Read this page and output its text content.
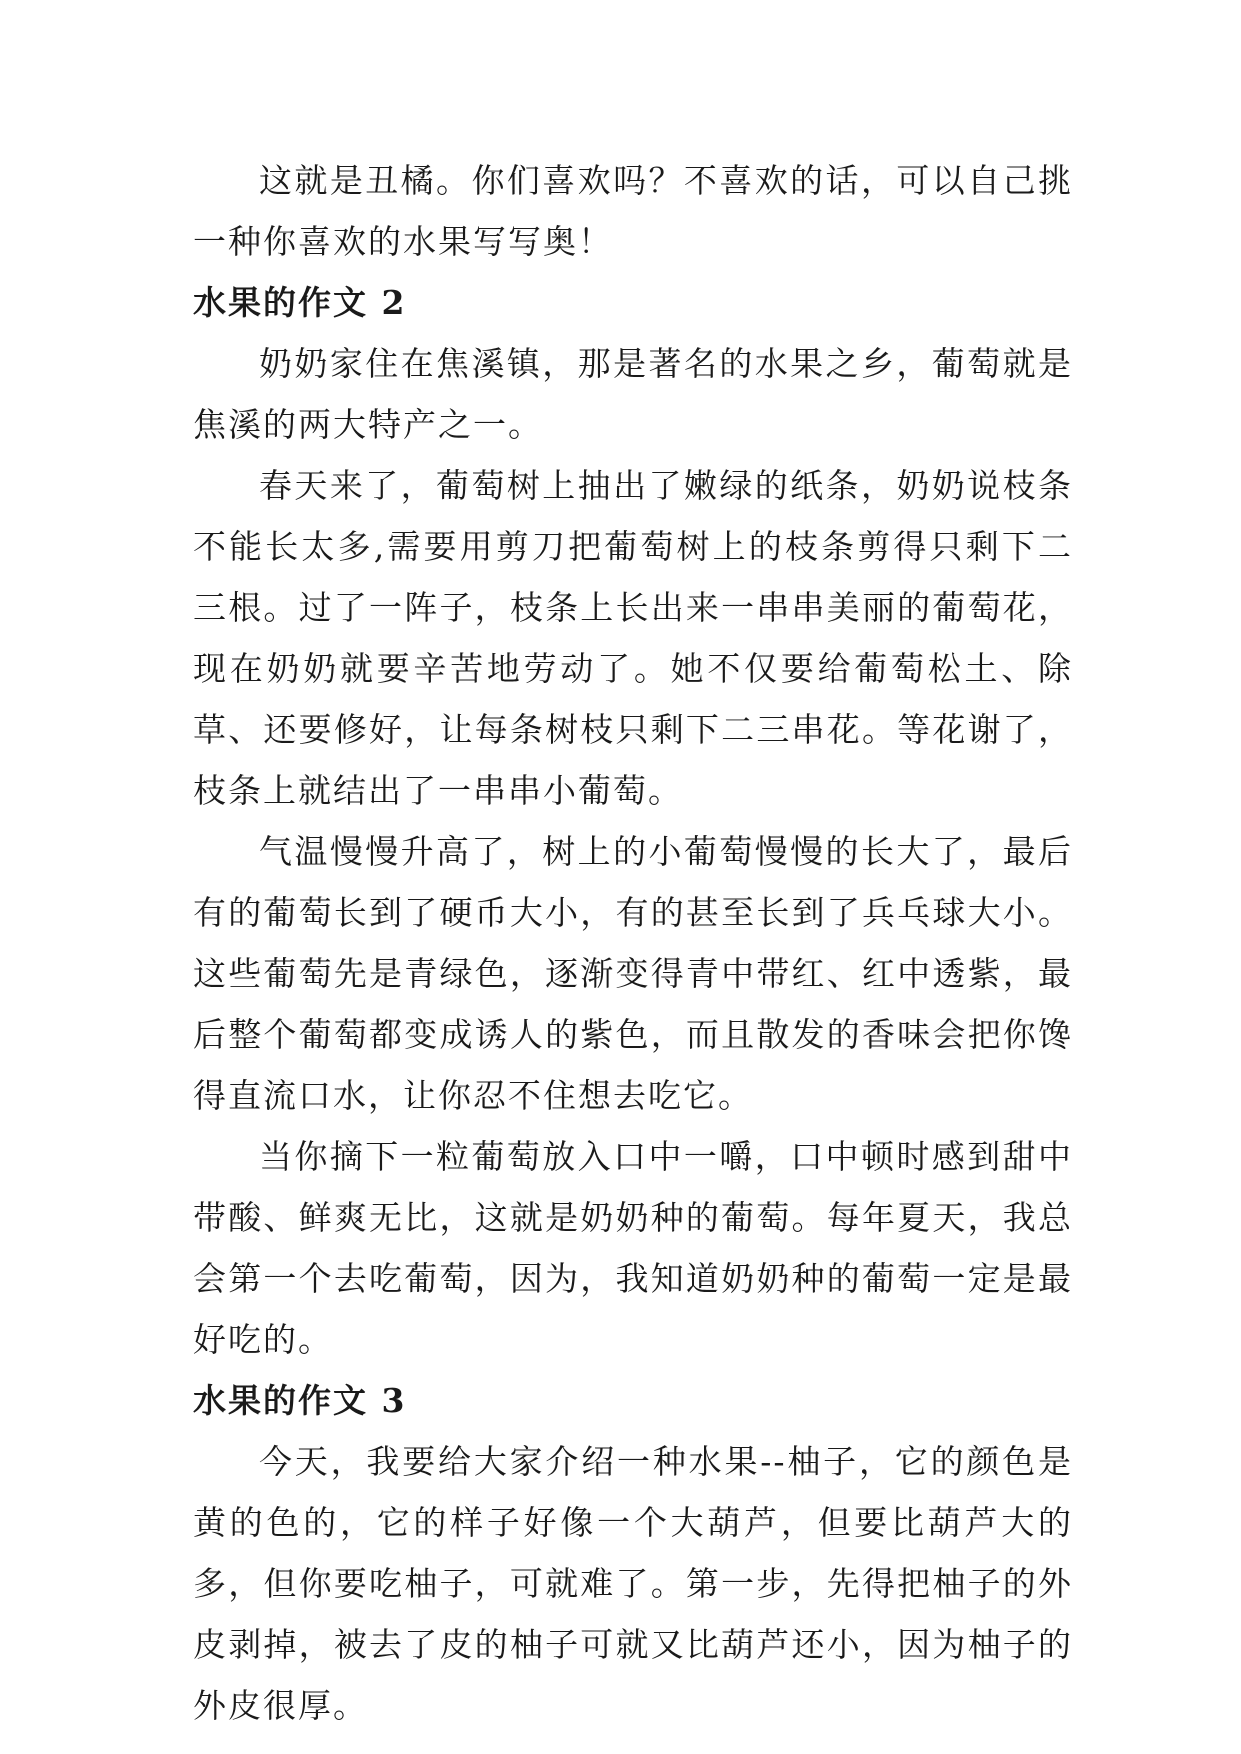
这就是丑橘。你们喜欢吗？不喜欢的话，可以自己挑一种你喜欢的水果写写奥！

水果的作文 2

奶奶家住在焦溪镇，那是著名的水果之乡，葡萄就是焦溪的两大特产之一。

春天来了，葡萄树上抽出了嫩绿的纸条，奶奶说枝条不能长太多,需要用剪刀把葡萄树上的枝条剪得只剩下二三根。过了一阵子，枝条上长出来一串串美丽的葡萄花，现在奶奶就要辛苦地劳动了。她不仅要给葡萄松土、除草、还要修好，让每条树枝只剩下二三串花。等花谢了，枝条上就结出了一串串小葡萄。

气温慢慢升高了，树上的小葡萄慢慢的长大了，最后有的葡萄长到了硬币大小，有的甚至长到了兵乓球大小。这些葡萄先是青绿色，逐渐变得青中带红、红中透紫，最后整个葡萄都变成诱人的紫色，而且散发的香味会把你馋得直流口水，让你忍不住想去吃它。

当你摘下一粒葡萄放入口中一嚼，口中顿时感到甜中带酸、鲜爽无比，这就是奶奶种的葡萄。每年夏天，我总会第一个去吃葡萄，因为，我知道奶奶种的葡萄一定是最好吃的。

水果的作文 3

今天，我要给大家介绍一种水果--柚子，它的颜色是黄的色的，它的样子好像一个大葫芦，但要比葫芦大的多，但你要吃柚子，可就难了。第一步，先得把柚子的外皮剥掉，被去了皮的柚子可就又比葫芦还小，因为柚子的外皮很厚。
